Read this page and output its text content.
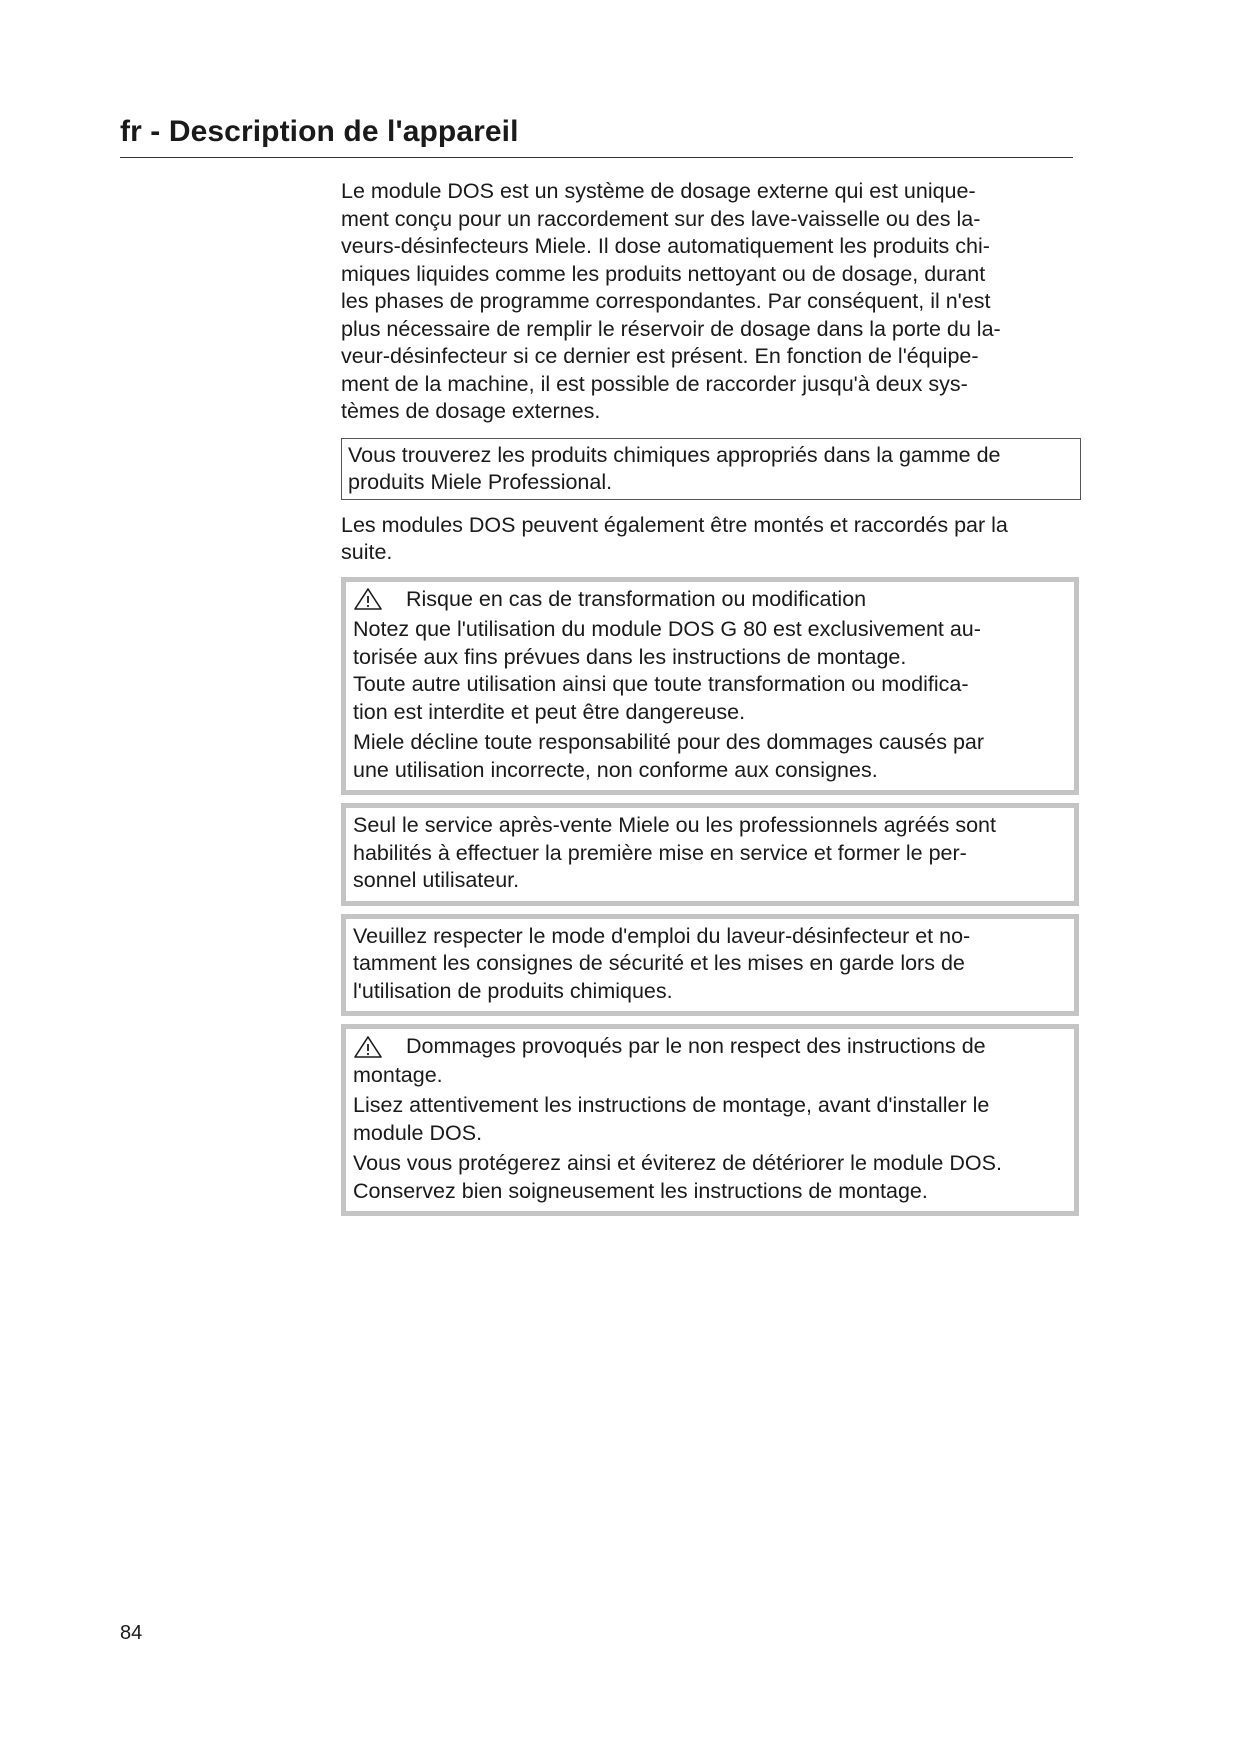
fr - Description de l'appareil

Le module DOS est un système de dosage externe qui est unique-
ment conçu pour un raccordement sur des lave-vaisselle ou des la-
veurs-désinfecteurs Miele. Il dose automatiquement les produits chi-
miques liquides comme les produits nettoyant ou de dosage, durant
les phases de programme correspondantes. Par conséquent, il n'est
plus nécessaire de remplir le réservoir de dosage dans la porte du la-
veur-désinfecteur si ce dernier est présent. En fonction de l'équipe-
ment de la machine, il est possible de raccorder jusqu'à deux sys-
tèmes de dosage externes.

Vous trouverez les produits chimiques appropriés dans la gamme de
produits Miele Professional.

Les modules DOS peuvent également être montés et raccordés par la
suite.

Risque en cas de transformation ou modification
Notez que l'utilisation du module DOS G 80 est exclusivement au-
torisée aux fins prévues dans les instructions de montage.
Toute autre utilisation ainsi que toute transformation ou modifica-
tion est interdite et peut être dangereuse.
Miele décline toute responsabilité pour des dommages causés par
une utilisation incorrecte, non conforme aux consignes.
Seul le service après-vente Miele ou les professionnels agréés sont
habilités à effectuer la première mise en service et former le per-
sonnel utilisateur.
Veuillez respecter le mode d'emploi du laveur-désinfecteur et no-
tamment les consignes de sécurité et les mises en garde lors de
l'utilisation de produits chimiques.
Dommages provoqués par le non respect des instructions de
montage.
Lisez attentivement les instructions de montage, avant d'installer le
module DOS.
Vous vous protégerez ainsi et éviterez de détériorer le module DOS.
Conservez bien soigneusement les instructions de montage.
84
